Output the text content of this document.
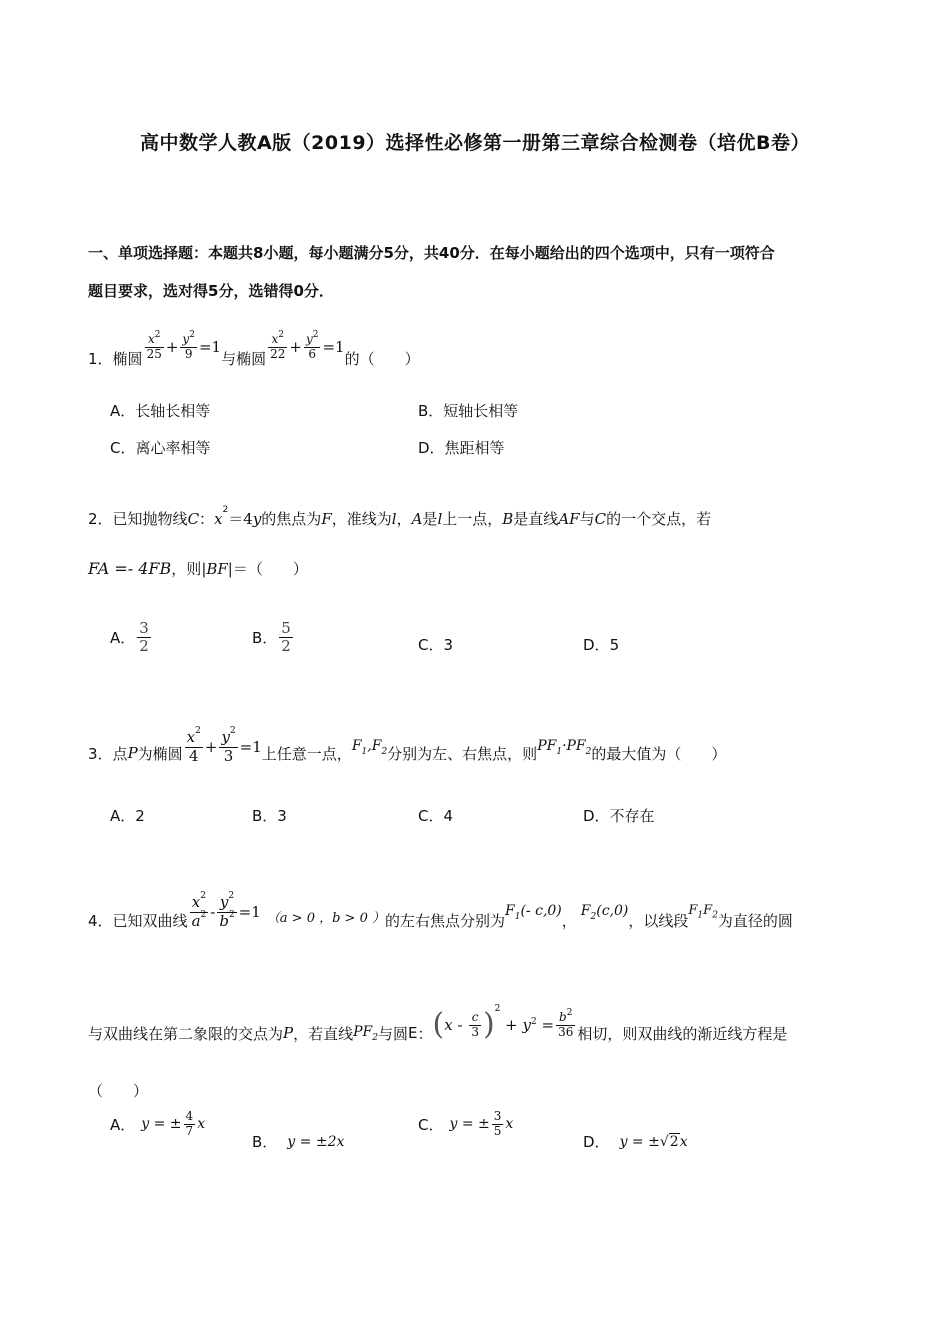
高中数学人教A版（2019）选择性必修第一册第三章综合检测卷（培优B卷）
一、单项选择题：本题共8小题，每小题满分5分，共40分．在每小题给出的四个选项中，只有一项符合
题目要求，选对得5分，选错得0分．
1． 椭圆 $\frac{x^2}{25} + \frac{y^2}{9} =1$
与椭圆 $\frac{x^2}{22} + \frac{y^2}{6} =1$
的（　　）
A．长轴长相等	B．短轴长相等
C．离心率相等	D．焦距相等
2．已知抛物线C：$x^2=4y$的焦点为F，准线为l，A是l上一点，B是直线AF与C的一个交点，若
FA =- 4FB，则|BF|＝（　　）
A． $\frac{3}{2}$	B． $\frac{5}{2}$	C．3	D．5
3． 点 P 为椭圆 $\frac{x^2}{4} + \frac{y^2}{3} =1$ 上任意一点， $F_1,F_2$ 分别为左、右焦点，则 $PF_1\cdot PF_2$ 的最大值为（　　）
A．2	B．3	C．4	D．不存在
4． 已知双曲线 $\frac{x^2}{a^2} - \frac{y^2}{b^2} =1$ （a > 0 ，b > 0 ） 的左右焦点分别为
$F_1(-$ c,0)
，
$F_2(c,0)$
，以线段
$F_1F_2$ 为直径的圆
与双曲线在第二象限的交点为 P ，若直线 $PF_2$ 与圆 E ： ( x - $\frac{c}{3} )^2$
+ $y^2 = \frac{b^2}{36}$ 相切，则双曲线的渐近线方程是
（　　）
A． y = ± $\frac{4}{7}$ x
B． y = ±2x
C． y = ± $\frac{3}{5}$ x
D． y = ± √ 2 x
